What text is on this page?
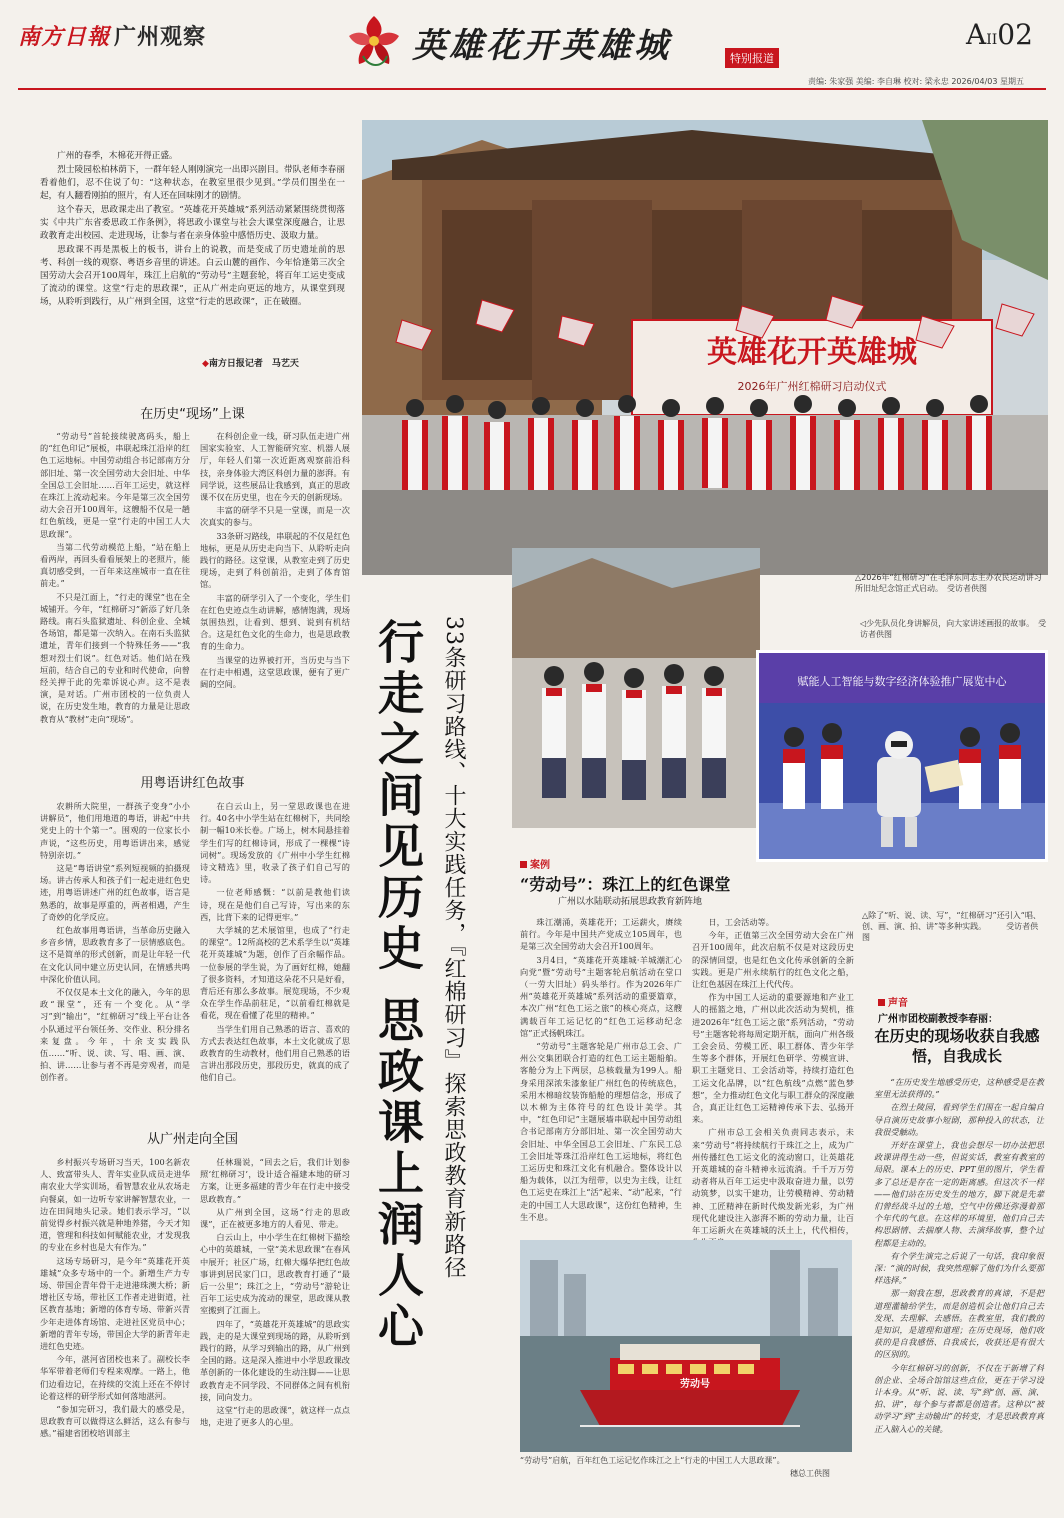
南方日報 广州观察	英雄花开英雄城	特别报道
AII02
责编: 朱家强 美编: 李自琳 校对: 梁永忠 2026/04/03 星期五

广州的春季，木棉花开得正盛。

烈士陵园松柏林荫下，一群年轻人刚刚演完一出即兴剧目。带队老师李春丽看着他们，忍不住说了句：“这种状态，在教室里很少见到。”学员们围坐在一起，有人翻看刚拍的照片，有人还在回味刚才的剧情。

这个春天，思政课走出了教室。“英雄花开英雄城”系列活动紧紧围绕贯彻落实《中共广东省委思政工作条例》，将思政小课堂与社会大课堂深度融合，让思政教育走出校园、走进现场，让参与者在亲身体验中感悟历史、汲取力量。

思政课不再是黑板上的板书，讲台上的说教，而是变成了历史遗址前的思考、科创一线的观察、粤语乡音里的讲述。白云山麓的画作、今年恰逢第三次全国劳动大会召开100周年，珠江上启航的“劳动号”主题套轮，将百年工运史变成了流动的课堂。这堂“行走的思政课”，正从广州走向更远的地方，从课堂到现场，从聆听到践行，从广州到全国，这堂“行走的思政课”，正在破圈。

◆南方日报记者　马艺天
在历史“现场”上课

“劳动号”首轮接续驶离码头，船上的“红色印记”展板，串联起珠江沿岸的红色工运地标。中国劳动组合书记部南方分部旧址、第一次全国劳动大会旧址、中华全国总工会旧址……百年工运史，就这样在珠江上流动起来。今年是第三次全国劳动大会召开100周年，这艘船不仅是一趟红色航线，更是一堂“行走的中国工人大思政课”。

当第二代劳动模范上船，“站在船上看两岸，再回头看看展架上的老照片，能真切感受到，一百年来这座城市一直在往前走。”

不只是江面上，“行走的课堂”也在全城铺开。今年，“红棉研习”新添了好几条路线。南石头监狱遗址、科创企业、全城各场馆，都是第一次纳入。在南石头监狱遗址，青年们接到一个特殊任务——“我想对烈士们说”。红色对话。他们站在残垣前，结合自己的专业和时代使命，向曾经关押于此的先辈诉说心声。这不是表演，是对话。广州市团校的一位负责人说，在历史发生地，教育的力量是让思政教育从“教材”走向“现场”。

在科创企业一线，研习队伍走进广州国家实验室、人工智能研究室、机器人展厅，年轻人们第一次近距离观察前沿科技，亲身体验大湾区科创力量的澎湃。有同学说，这些展品让我感到，真正的思政课不仅在历史里，也在今天的创新现场。

丰富的研学不只是一堂课，而是一次次真实的参与。

33条研习路线，串联起的不仅是红色地标，更是从历史走向当下、从聆听走向践行的路径。这堂课，从教室走到了历史现场，走到了科创前沿，走到了体育馆馆。

丰富的研学引入了一个变化，学生们在红色史迹点生动讲解，感情饱满，现场氛围热烈，让看到、想到、说到有机结合。这是红色文化的生命力，也是思政教育的生命力。

当课堂的边界被打开，当历史与当下在行走中相遇，这堂思政课，便有了更广阔的空间。

用粤语讲红色故事

农耕所大院里，一群孩子变身“小小讲解员”，他们用地道的粤语，讲起“中共党史上的十个第一”。围观的一位家长小声说，“这些历史，用粤语讲出来，感觉特别亲切。”

这是“粤语讲堂”系列短视频的拍摄现场。讲古传承人和孩子们一起走进红色史迹，用粤语讲述广州的红色故事，语言是熟悉的，故事是厚重的，两者相遇，产生了奇妙的化学反应。

红色故事用粤语讲，当革命历史融入乡音乡情，思政教育多了一层情感底色。这不是简单的形式创新，而是让年轻一代在文化认同中建立历史认同，在情感共鸣中深化价值认同。

不仅仅是本土文化的融入，今年的思政“课堂”，还有一个变化。从“学习”到“输出”，“红棉研习”线上平台让各小队通过平台领任务、交作业、积分排名来复盘。今年，十余支实践队伍……“听、说、读、写、唱、画、演、拍、讲……让参与者不再是旁观者，而是创作者。

在白云山上，另一堂思政课也在进行。40名中小学生站在红棉树下，共同绘制一幅10米长卷。广场上，树木间悬挂着学生们写的红棉诗词，形成了一棵棵“诗词树”。现场发放的《广州中小学生红棉诗文精选》里，收录了孩子们自己写的诗。

一位老师感慨：“以前是教他们读诗，现在是他们自己写诗，写出来的东西，比背下来的记得更牢。”

大学城的艺术展馆里，也成了“行走的课堂”。12所高校的艺术系学生以“英雄花开英雄城”为题，创作了百余幅作品。一位参展的学生说，为了画好红棉，她翻了很多资料，才知道这朵花不只是好看，背后还有那么多故事。展览现场，不少观众在学生作品前驻足，“以前看红棉就是看花，现在看懂了花里的精神。”

当学生们用自己熟悉的语言、喜欢的方式去表达红色故事，本土文化就成了思政教育的生动教材，他们用自己熟悉的语言讲出那段历史，那段历史，就真的成了他们自己。

从广州走向全国

乡村振兴专场研习当天，100名新农人、致富带头人、青年实业队成员走进华南农业大学实训场，看智慧农业从农场走向餐桌，如一边听专家讲解智慧农业，一边在田间地头记录。她们表示学习，“以前觉得乡村振兴就是种地养猪，今天才知道，管理和科技如何赋能农业，才发现我的专业在乡村也是大有作为。”

这场专场研习，是今年“英雄花开英雄城”众多专场中的一个。新增生产力专场、带国企青年骨干走进港珠澳大桥；新增社区专场，带社区工作者走进街道，社区教育基地；新增的体育专场、带新兴青少年走进体育场馆、走进社区党员中心；新增的青年专场，带国企大学的新青年走进红色史迹。

今年，湛河省团校也来了。副校长李华军带着老师们专程来观摩。一路上，他们边看边记，在持续的交流上还在不停讨论着这样的研学形式如何落地湛河。

“参加完研习，我们最大的感受是，思政教育可以做得这么鲜活，这么有参与感。”福建省团校培训部主

任林瑞说，“回去之后，我们计划参照‘红棉研习’，设计适合福建本地的研习方案，让更多福建的青少年在行走中接受思政教育。”

从广州到全国，这场“行走的思政课”，正在被更多地方的人看见、带走。

白云山上，中小学生在红棉树下描绘心中的英雄城，一堂“美术思政课”在春风中展开；社区广场，红棉大爆华把红色故事讲到居民家门口，思政教育打通了“最后一公里”；珠江之上，“劳动号”游轮让百年工运史成为流动的课堂，思政课从教室搬到了江面上。

四年了，“英雄花开英雄城”的思政实践，走的是大课堂到现场的路，从聆听到践行的路，从学习到输出的路，从广州到全国的路。这是深入推进中小学思政课改革创新的一体化建设的生动注脚——让思政教育走不同学段、不同群体之间有机衔接，同向发力。

这堂“行走的思政课”，就这样一点点地，走进了更多人的心里。

英雄花开英雄城
2026年广州红棉研习启动仪式
△2026年“红棉研习”在毛泽东同志主办农民运动讲习所旧址纪念馆正式启动。　受访者供图
行走之间见历史 思政课上润人心 33条研习路线、十大实践任务，『红棉研习』探索思政教育新路径	◁少先队员化身讲解员，向大家讲述画报的故事。　受访者供图
赋能人工智能与数字经济体验推广展览中心
案例
“劳动号”：珠江上的红色课堂
广州以水陆联动拓展思政教育新阵地

珠江潮涌，英雄花开；工运薪火，赓续前行。今年是中国共产党成立105周年，也是第三次全国劳动大会召开100周年。

3月4日，“英雄花开英雄城·羊城潮汇心向党”暨“劳动号”主题客轮启航活动在堂口（一劳大旧址）码头举行。作为2026年广州“英雄花开英雄城”系列活动的重要篇章，本次广州“红色工运之旅”的核心亮点，这艘满载百年工运记忆的“红色工运移动纪念馆”正式扬帆珠江。

“劳动号”主题客轮是广州市总工会、广州公交集团联合打造的红色工运主题船舶。客舱分为上下两层，总核载量为199人。船身采用深浓朱漆象征广州红色的传统底色，采用木棉暗纹装饰船舱的理想信念，形成了以木棉为主体符号的红色设计美学。其中，“红色印记”主题展墙串联起中国劳动组合书记部南方分部旧址、第一次全国劳动大会旧址、中华全国总工会旧址、广东民工总工会旧址等珠江沿岸红色工运地标，将红色工运历史和珠江文化有机融合。整体设计以船为载体，以江为纽带，以史为主线，让红色工运史在珠江上“活”起来、“动”起来，“行走的中国工人大思政课”，这份红色精神，生生不息。

日，工会活动等。

今年，正值第三次全国劳动大会在广州召开100周年，此次启航不仅是对这段历史的深情回望，也是红色文化传承创新的全新实践。更是广州永续航行的红色文化之船，让红色基因在珠江上代代传。

作为中国工人运动的重要源地和产业工人的摇篮之地，广州以此次活动为契机，推进2026年“红色工运之旅”系列活动，“劳动号”主题客轮将每周定期开航，面向广州各级工会会员、劳模工匠、职工群体、青少年学生等多个群体，开展红色研学、劳模宣讲、职工主题党日、工会活动等，持续打造红色工运文化品牌，以“红色航线”点燃“蓝色梦想”，全力推动红色文化与职工群众的深度融合，真正让红色工运精神传承下去、弘扬开来。

广州市总工会相关负责同志表示，未来“劳动号”将持续航行于珠江之上，成为广州传播红色工运文化的流动窗口，让英雄花开英雄城的奋斗精神永远流淌。千千万万劳动者将从百年工运史中汲取奋进力量，以劳动筑梦，以实干建功，让劳模精神、劳动精神、工匠精神在新时代焕发新光彩，为广州现代化建设注入澎湃不断的劳动力量，让百年工运新火在英雄城的沃土上，代代相传，

△除了“听、说、读、写”，“红棉研习”还引入“唱、创、画、演、拍、讲”等多种实践。　　　受访者供图
劳动号
“劳动号”启航，百年红色工运记忆作珠江之上“行走的中国工人大思政课”。
穗总工供图
声音
广州市团校副教授李春丽：
在历史的现场收获自我感悟，自我成长

“在历史发生地感受历史，这种感受是在教室里无法获得的。”

在烈士陵园，看到学生们围在一起自编自导自演历史故事小短剧，那种投入的状态，让我很受触动。

开好在课堂上，我也会想尽一切办法把思政课讲得生动一些，但说实话，教室有教室的局限。课本上的历史、PPT里的图片，学生看多了总还是存在一定的距离感。但这次不一样——他们站在历史发生的地方，脚下就是先辈们曾经战斗过的土地，空气中仿佛还弥漫着那个年代的气息。在这样的环境里，他们自己去构思剧情、去揣摩人物、去演绎故事，整个过程都是主动的。

有个学生演完之后说了一句话，我印象很深：“演的时候，我突然理解了他们为什么要那样选择。”

那一刻我在想，思政教育的真谛，不是把道理灌输给学生，而是创造机会让他们自己去发现、去理解、去感悟。在教室里，我们教的是知识，是道理和道理；在历史现场，他们收获的是自我感悟、自我成长，收获还是有很大的区别的。

今年红棉研习的创新，不仅在于新增了科创企业、全场合馆馆这些点位，更在于学习设计本身。从“听、说、读、写”到“创、画、演、拍、讲”，每个参与者都是创造者。这种以“被动学习”到“主动输出”的转变，才是思政教育真正入脑入心的关键。
